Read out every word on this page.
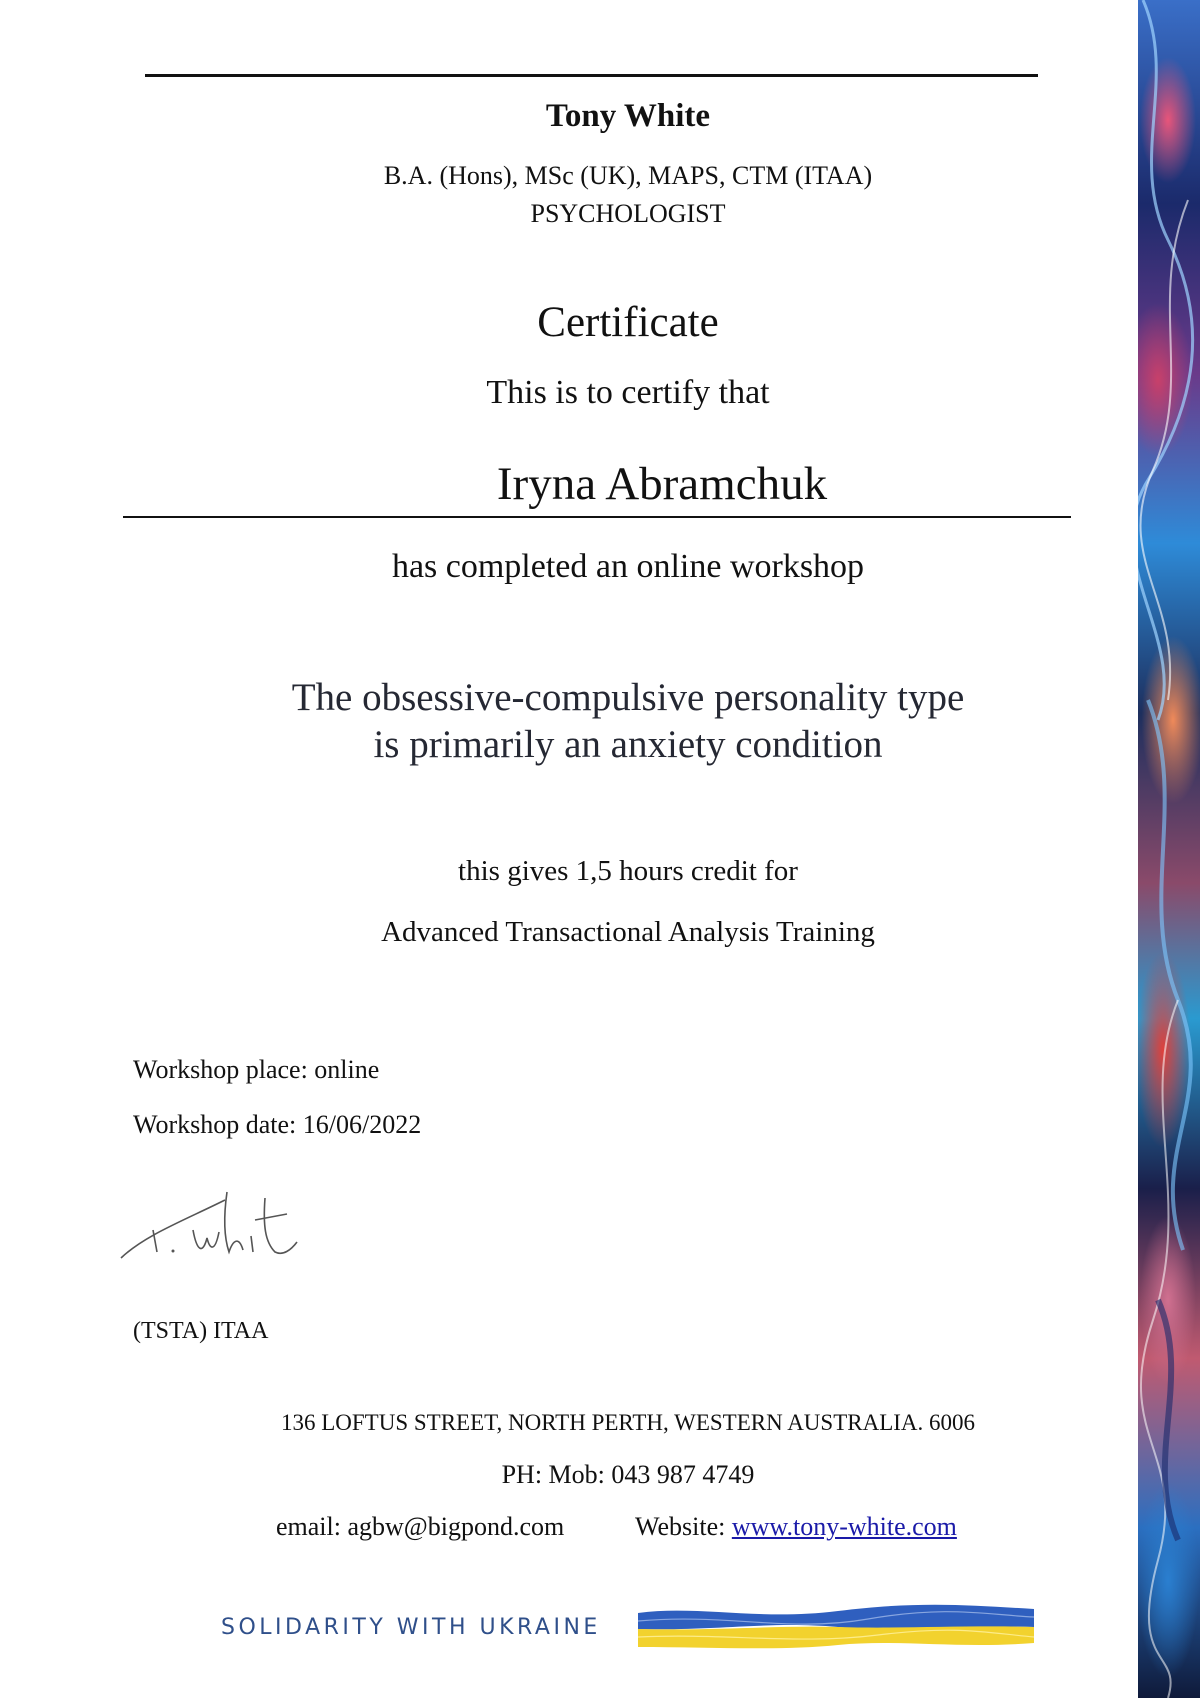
Tony White
B.A. (Hons), MSc (UK), MAPS, CTM (ITAA)
PSYCHOLOGIST
Certificate
This is to certify that
Iryna Abramchuk
has completed an online workshop
The obsessive-compulsive personality type
is primarily an anxiety condition
this gives 1,5 hours credit for
Advanced Transactional Analysis Training
Workshop place: online
Workshop date: 16/06/2022
(TSTA) ITAA
136 LOFTUS STREET, NORTH PERTH, WESTERN AUSTRALIA. 6006
PH: Mob: 043 987 4749
email: agbw@bigpond.com	Website: www.tony-white.com
SOLIDARITY WITH UKRAINE
